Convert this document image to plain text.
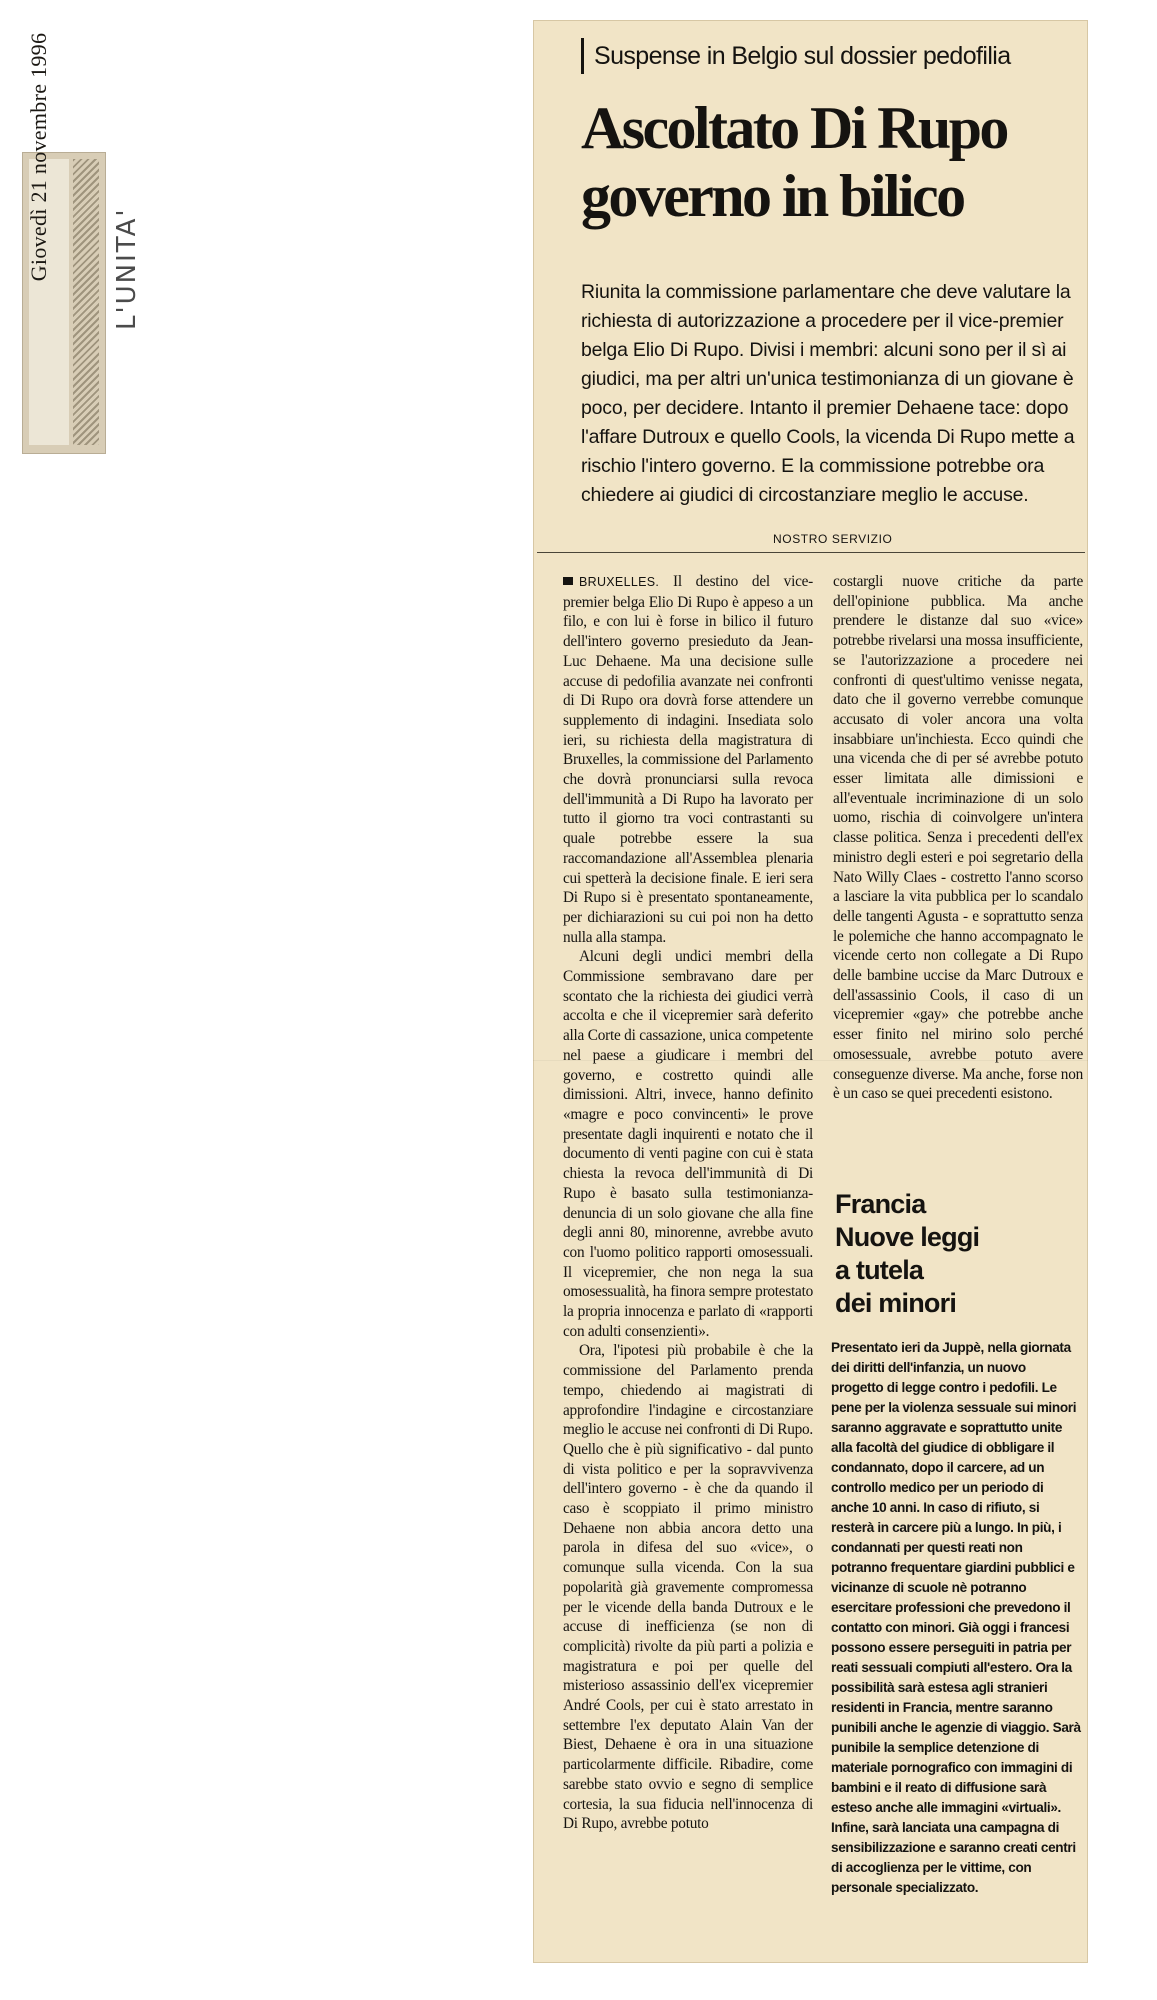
Giovedì 21 novembre 1996 L'UNITA'
Suspense in Belgio sul dossier pedofilia
Ascoltato Di Rupo
governo in bilico
Riunita la commissione parlamentare che deve valutare la richiesta di autorizzazione a procedere per il vice-premier belga Elio Di Rupo. Divisi i membri: alcuni sono per il sì ai giudici, ma per altri un'unica testimonianza di un giovane è poco, per decidere. Intanto il premier Dehaene tace: dopo l'affare Dutroux e quello Cools, la vicenda Di Rupo mette a rischio l'intero governo. E la commissione potrebbe ora chiedere ai giudici di circostanziare meglio le accuse.
NOSTRO SERVIZIO

BRUXELLES. Il destino del vice-premier belga Elio Di Rupo è appeso a un filo, e con lui è forse in bilico il futuro dell'intero governo presieduto da Jean-Luc Dehaene. Ma una decisione sulle accuse di pedofilia avanzate nei confronti di Di Rupo ora dovrà forse attendere un supplemento di indagini. Insediata solo ieri, su richiesta della magistratura di Bruxelles, la commissione del Parlamento che dovrà pronunciarsi sulla revoca dell'immunità a Di Rupo ha lavorato per tutto il giorno tra voci contrastanti su quale potrebbe essere la sua raccomandazione all'Assemblea plenaria cui spetterà la decisione finale. E ieri sera Di Rupo si è presentato spontaneamente, per dichiarazioni su cui poi non ha detto nulla alla stampa.

Alcuni degli undici membri della Commissione sembravano dare per scontato che la richiesta dei giudici verrà accolta e che il vicepremier sarà deferito alla Corte di cassazione, unica competente nel paese a giudicare i membri del governo, e costretto quindi alle dimissioni. Altri, invece, hanno definito «magre e poco convincenti» le prove presentate dagli inquirenti e notato che il documento di venti pagine con cui è stata chiesta la revoca dell'immunità di Di Rupo è basato sulla testimonianza-denuncia di un solo giovane che alla fine degli anni 80, minorenne, avrebbe avuto con l'uomo politico rapporti omosessuali. Il vicepremier, che non nega la sua omosessualità, ha finora sempre protestato la propria innocenza e parlato di «rapporti con adulti consenzienti».

Ora, l'ipotesi più probabile è che la commissione del Parlamento prenda tempo, chiedendo ai magistrati di approfondire l'indagine e circostanziare meglio le accuse nei confronti di Di Rupo. Quello che è più significativo - dal punto di vista politico e per la sopravvivenza dell'intero governo - è che da quando il caso è scoppiato il primo ministro Dehaene non abbia ancora detto una parola in difesa del suo «vice», o comunque sulla vicenda. Con la sua popolarità già gravemente compromessa per le vicende della banda Dutroux e le accuse di inefficienza (se non di complicità) rivolte da più parti a polizia e magistratura e poi per quelle del misterioso assassinio dell'ex vicepremier André Cools, per cui è stato arrestato in settembre l'ex deputato Alain Van der Biest, Dehaene è ora in una situazione particolarmente difficile. Ribadire, come sarebbe stato ovvio e segno di semplice cortesia, la sua fiducia nell'innocenza di Di Rupo, avrebbe potuto

costargli nuove critiche da parte dell'opinione pubblica. Ma anche prendere le distanze dal suo «vice» potrebbe rivelarsi una mossa insufficiente, se l'autorizzazione a procedere nei confronti di quest'ultimo venisse negata, dato che il governo verrebbe comunque accusato di voler ancora una volta insabbiare un'inchiesta. Ecco quindi che una vicenda che di per sé avrebbe potuto esser limitata alle dimissioni e all'eventuale incriminazione di un solo uomo, rischia di coinvolgere un'intera classe politica. Senza i precedenti dell'ex ministro degli esteri e poi segretario della Nato Willy Claes - costretto l'anno scorso a lasciare la vita pubblica per lo scandalo delle tangenti Agusta - e soprattutto senza le polemiche che hanno accompagnato le vicende certo non collegate a Di Rupo delle bambine uccise da Marc Dutroux e dell'assassinio Cools, il caso di un vicepremier «gay» che potrebbe anche esser finito nel mirino solo perché omosessuale, avrebbe potuto avere conseguenze diverse. Ma anche, forse non è un caso se quei precedenti esistono.

Francia
Nuove leggi
a tutela
dei minori
Presentato ieri da Juppè, nella giornata dei diritti dell'infanzia, un nuovo progetto di legge contro i pedofili. Le pene per la violenza sessuale sui minori saranno aggravate e soprattutto unite alla facoltà del giudice di obbligare il condannato, dopo il carcere, ad un controllo medico per un periodo di anche 10 anni. In caso di rifiuto, si resterà in carcere più a lungo. In più, i condannati per questi reati non potranno frequentare giardini pubblici e vicinanze di scuole nè potranno esercitare professioni che prevedono il contatto con minori. Già oggi i francesi possono essere perseguiti in patria per reati sessuali compiuti all'estero. Ora la possibilità sarà estesa agli stranieri residenti in Francia, mentre saranno punibili anche le agenzie di viaggio. Sarà punibile la semplice detenzione di materiale pornografico con immagini di bambini e il reato di diffusione sarà esteso anche alle immagini «virtuali». Infine, sarà lanciata una campagna di sensibilizzazione e saranno creati centri di accoglienza per le vittime, con personale specializzato.
